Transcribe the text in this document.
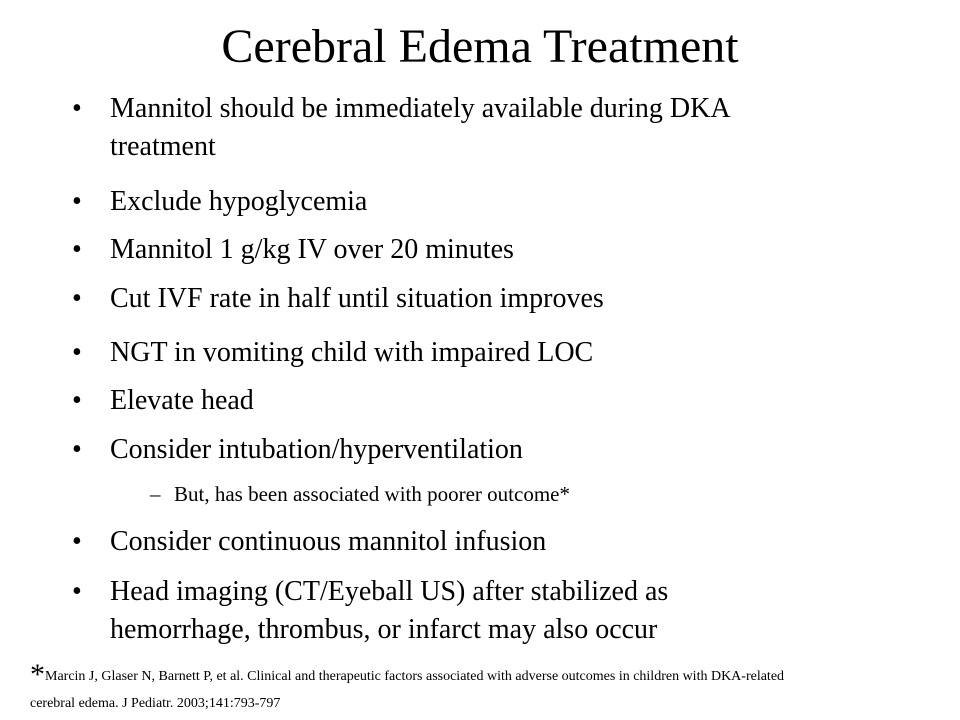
Cerebral Edema Treatment
• Mannitol should be immediately available during DKA treatment
• Exclude hypoglycemia
• Mannitol 1 g/kg IV over 20 minutes
• Cut IVF rate in half until situation improves
• NGT in vomiting child with impaired LOC
• Elevate head
• Consider intubation/hyperventilation
– But, has been associated with poorer outcome*
• Consider continuous mannitol infusion
• Head imaging (CT/Eyeball US) after stabilized as hemorrhage, thrombus, or infarct may also occur
*Marcin J, Glaser N, Barnett P, et al. Clinical and therapeutic factors associated with adverse outcomes in children with DKA-related
cerebral edema. J Pediatr. 2003;141:793-797
